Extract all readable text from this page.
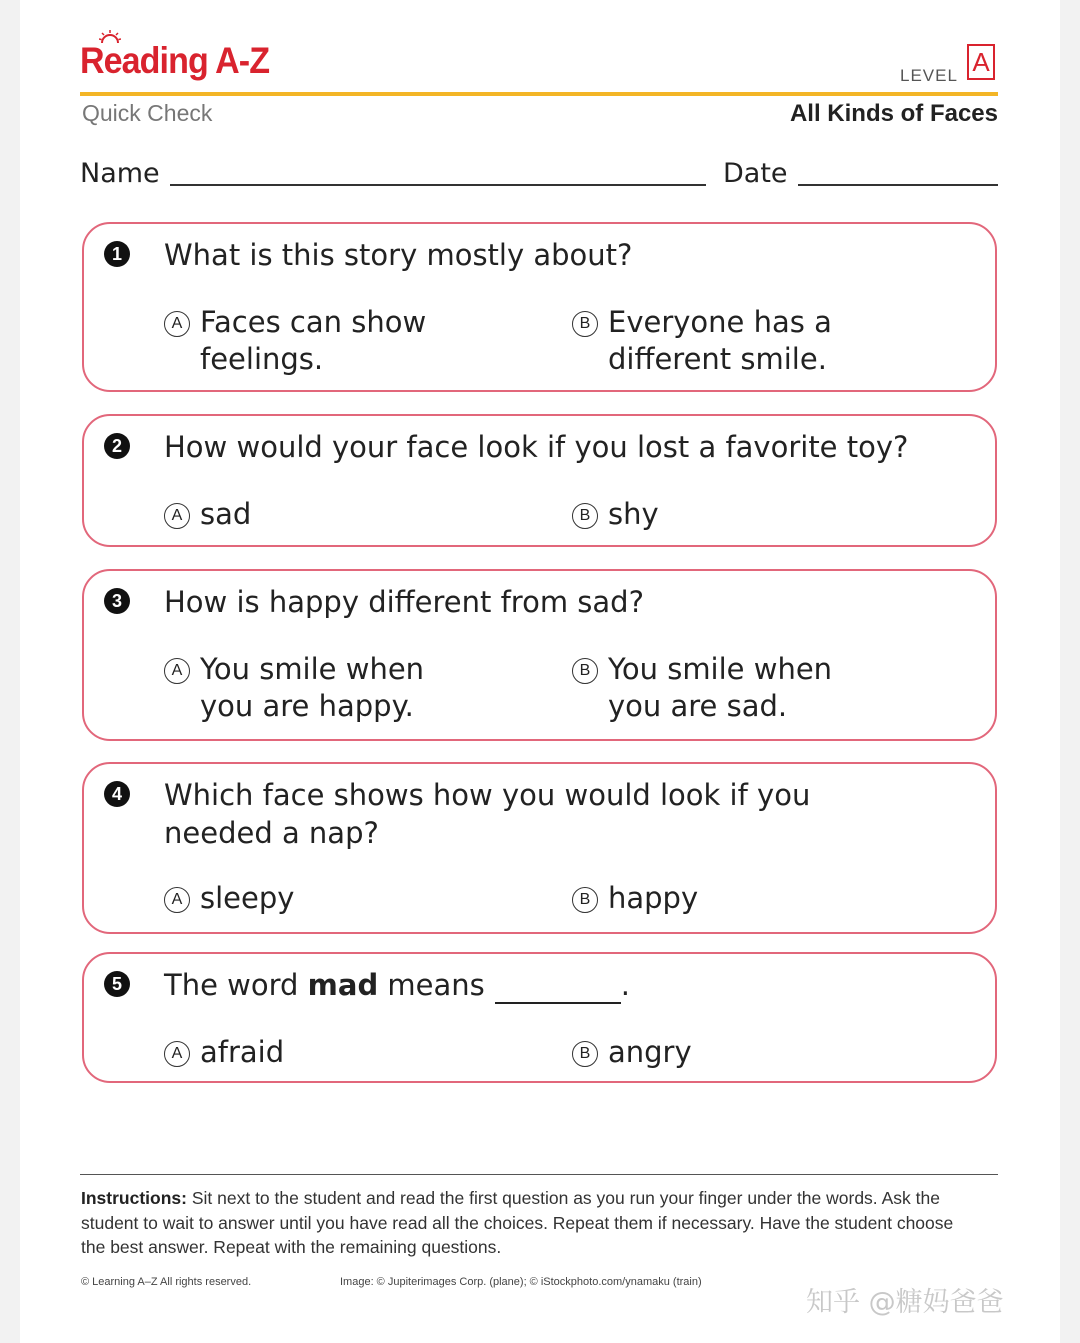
Reading A-Z	LEVEL A
Quick Check	All Kinds of Faces
Name	Date
1 What is this story mostly about?
A Faces can show
feelings.
B Everyone has a
different smile.
2 How would your face look if you lost a favorite toy?
A sad	B shy
3 How is happy different from sad?
A You smile when
you are happy.
B You smile when
you are sad.
4 Which face shows how you would look if you
needed a nap?
A sleepy	B happy
5 The word mad means	.
A afraid	B angry
Instructions: Sit next to the student and read the first question as you run your finger under the words. Ask the student to wait to answer until you have read all the choices. Repeat them if necessary. Have the student choose the best answer. Repeat with the remaining questions.
© Learning A–Z All rights reserved.	Image: © Jupiterimages Corp. (plane); © iStockphoto.com/ynamaku (train)
知乎 @糖妈爸爸
